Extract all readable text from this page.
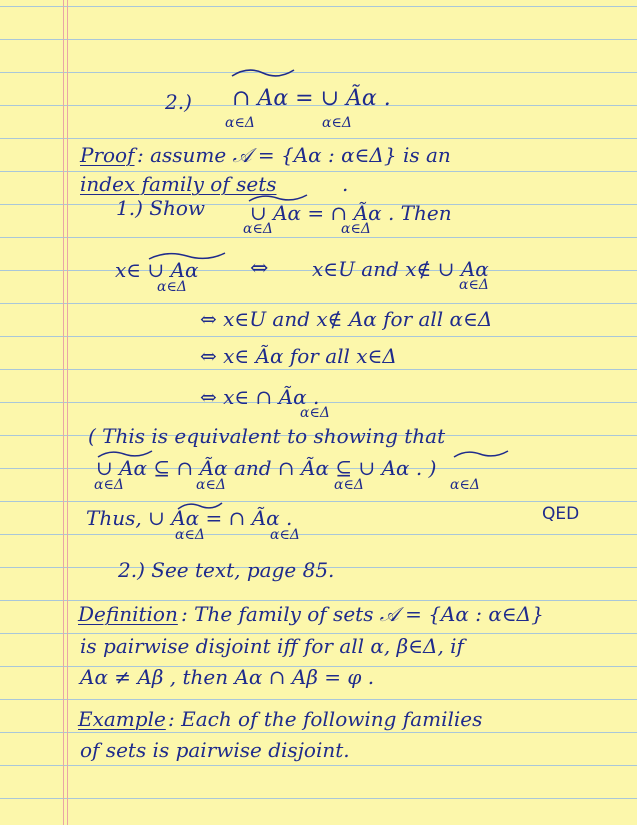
2.) ∩ Aα = ∪ Ãα .
α∈Δ	α∈Δ
Proof : assume 𝒜 = {Aα : α∈Δ} is an
index family of sets	.
1.) Show ∪ Aα = ∩ Ãα . Then
α∈Δ	α∈Δ
x∈ ∪ Aα ⇔ x∈U and x∉ ∪ Aα
α∈Δ	α∈Δ
⇔ x∈U and x∉ Aα for all α∈Δ
⇔ x∈ Ãα for all x∈Δ
⇔ x∈ ∩ Ãα .
α∈Δ
( This is equivalent to showing that
∪ Aα ⊆ ∩ Ãα and ∩ Ãα ⊆ ∪ Aα . )
α∈Δ	α∈Δ	α∈Δ	α∈Δ
Thus, ∪ Aα = ∩ Ãα .
α∈Δ	α∈Δ
QED
2.) See text, page 85.
Definition : The family of sets 𝒜 = {Aα : α∈Δ}
is pairwise disjoint iff for all α, β∈Δ, if
Aα ≠ Aβ , then Aα ∩ Aβ = φ .
Example : Each of the following families
of sets is pairwise disjoint.
